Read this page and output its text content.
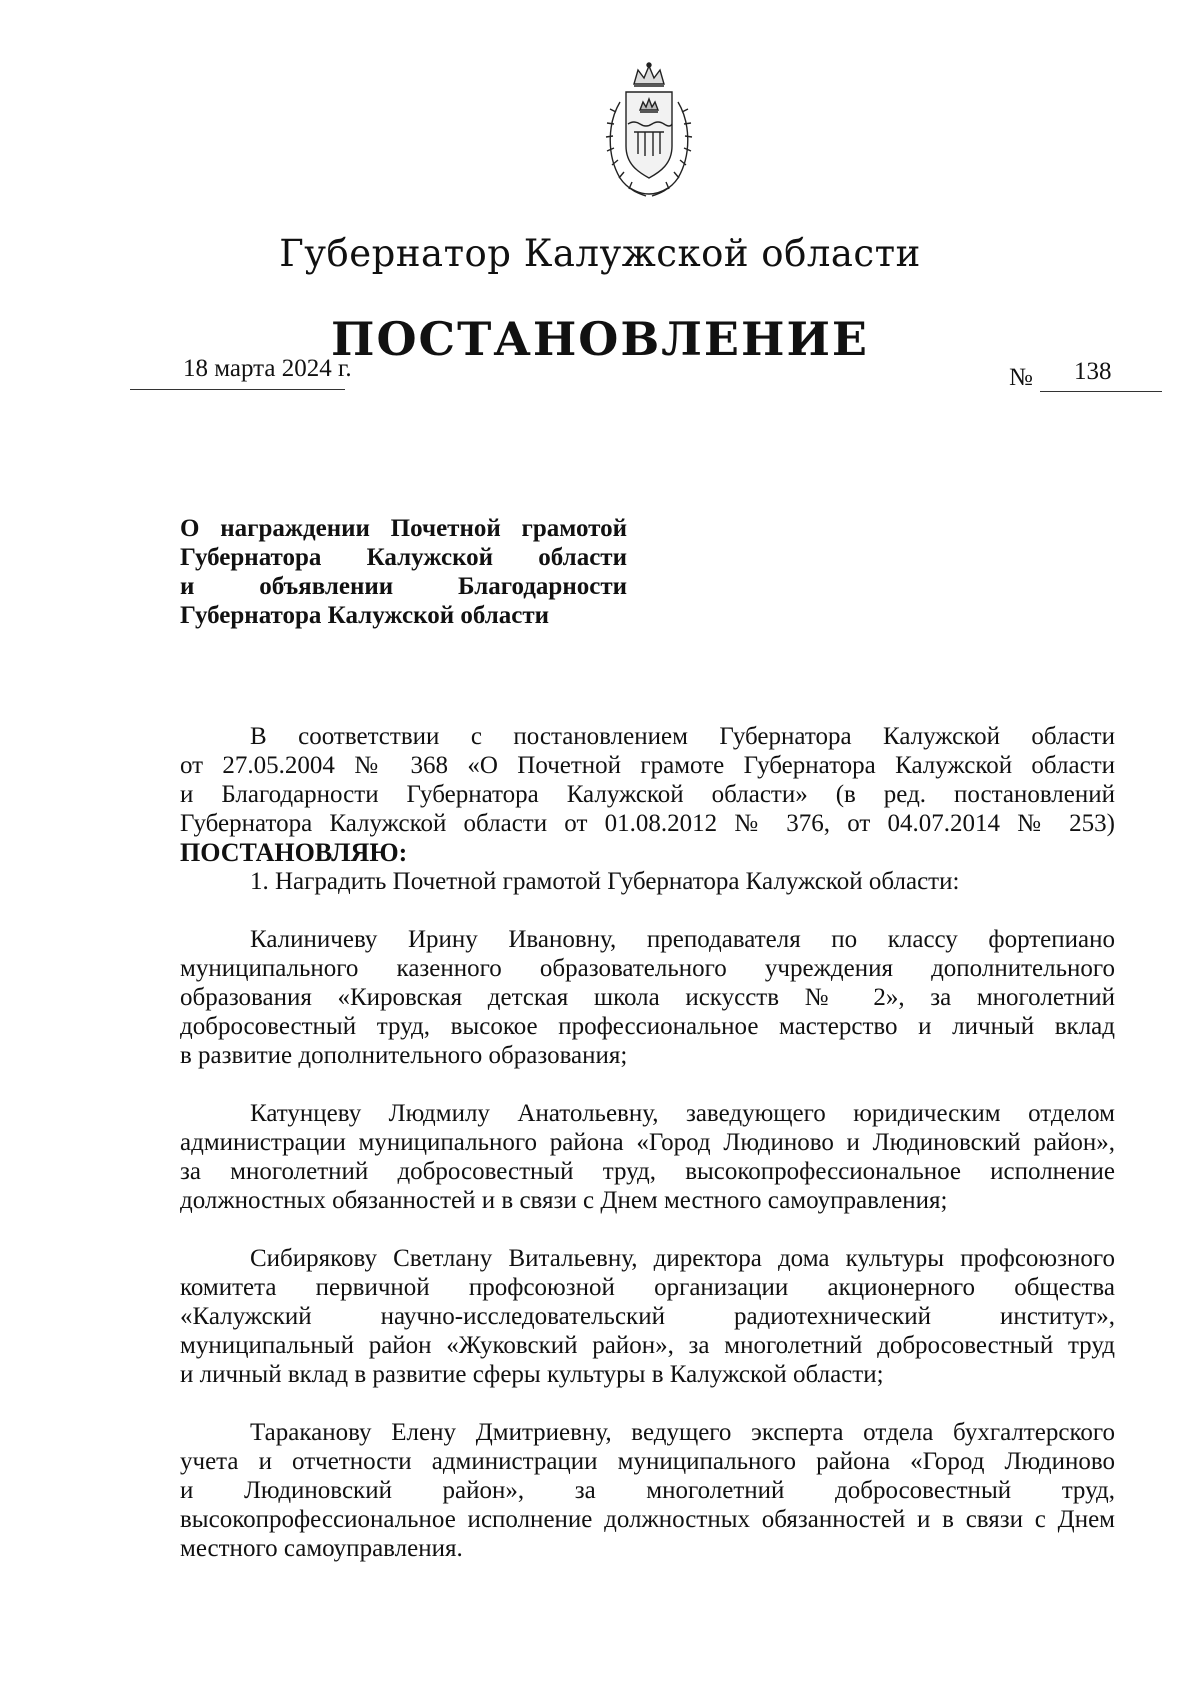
Губернатор Калужской области
ПОСТАНОВЛЕНИЕ
18 марта 2024 г.	№ 138
О награждении Почетной грамотой
Губернатора Калужской области
и объявлении Благодарности
Губернатора Калужской области
В соответствии с постановлением Губернатора Калужской области
от 27.05.2004 № 368 «О Почетной грамоте Губернатора Калужской области
и Благодарности Губернатора Калужской области» (в ред. постановлений
Губернатора Калужской области от 01.08.2012 № 376, от 04.07.2014 № 253)
ПОСТАНОВЛЯЮ:
1. Наградить Почетной грамотой Губернатора Калужской области:
Калиничеву Ирину Ивановну, преподавателя по классу фортепиано
муниципального казенного образовательного учреждения дополнительного
образования «Кировская детская школа искусств № 2», за многолетний
добросовестный труд, высокое профессиональное мастерство и личный вклад
в развитие дополнительного образования;
Катунцеву Людмилу Анатольевну, заведующего юридическим отделом
администрации муниципального района «Город Людиново и Людиновский район»,
за многолетний добросовестный труд, высокопрофессиональное исполнение
должностных обязанностей и в связи с Днем местного самоуправления;
Сибирякову Светлану Витальевну, директора дома культуры профсоюзного
комитета первичной профсоюзной организации акционерного общества
«Калужский научно-исследовательский радиотехнический институт»,
муниципальный район «Жуковский район», за многолетний добросовестный труд
и личный вклад в развитие сферы культуры в Калужской области;
Тараканову Елену Дмитриевну, ведущего эксперта отдела бухгалтерского
учета и отчетности администрации муниципального района «Город Людиново
и Людиновский район», за многолетний добросовестный труд,
высокопрофессиональное исполнение должностных обязанностей и в связи с Днем
местного самоуправления.
